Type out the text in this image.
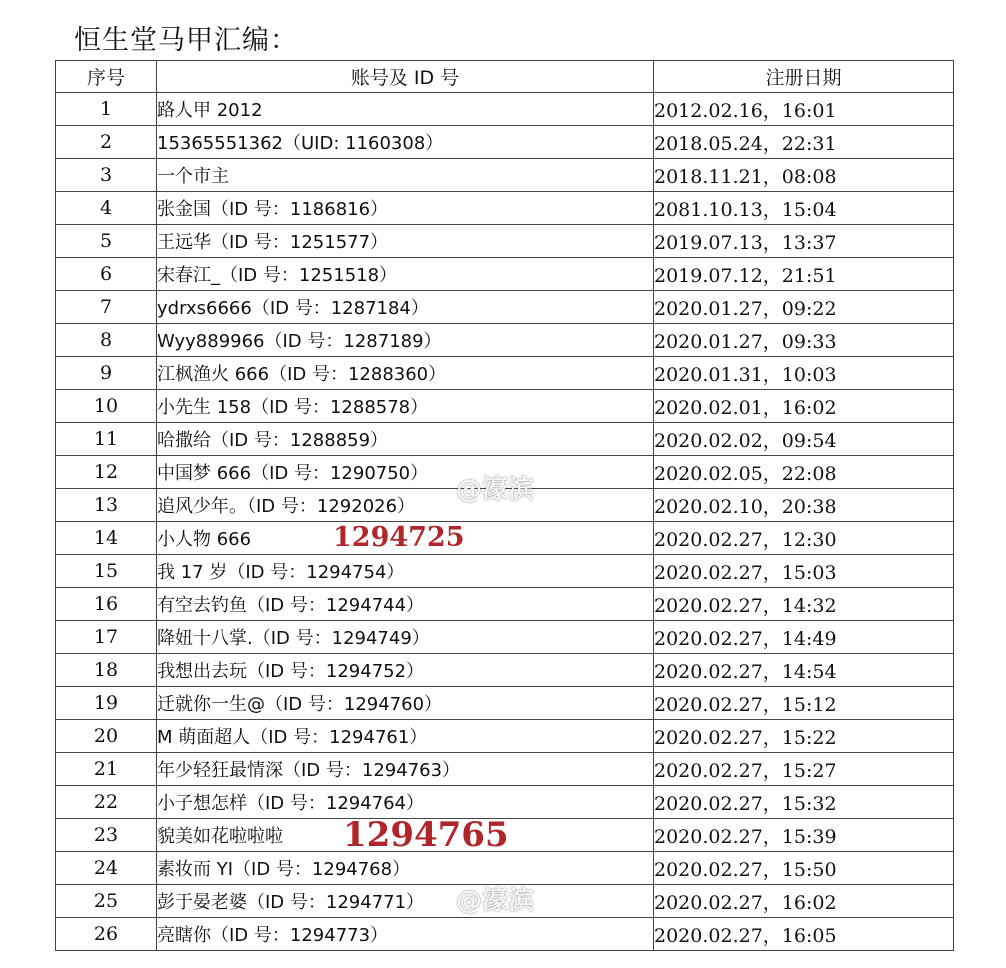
恒生堂马甲汇编：
序号	账号及 ID 号	注册日期
1	路人甲 2012	2012.02.16，16:01
2	15365551362（UID: 1160308）	2018.05.24，22:31
3	一个市主	2018.11.21，08:08
4	张金国（ID 号：1186816）	2081.10.13，15:04
5	王远华（ID 号：1251577）	2019.07.13，13:37
6	宋春江_（ID 号：1251518）	2019.07.12，21:51
7	ydrxs6666（ID 号：1287184）	2020.01.27，09:22
8	Wyy889966（ID 号：1287189）	2020.01.27，09:33
9	江枫渔火 666（ID 号：1288360）	2020.01.31，10:03
10	小先生 158（ID 号：1288578）	2020.02.01，16:02
11	哈撒给（ID 号：1288859）	2020.02.02，09:54
12	中国梦 666（ID 号：1290750）	2020.02.05，22:08
13	追风少年。（ID 号：1292026）	2020.02.10，20:38
14	小人物 666 1294725	2020.02.27，12:30
15	我 17 岁（ID 号：1294754）	2020.02.27，15:03
16	有空去钓鱼（ID 号：1294744）	2020.02.27，14:32
17	降妞十八掌.（ID 号：1294749）	2020.02.27，14:49
18	我想出去玩（ID 号：1294752）	2020.02.27，14:54
19	迁就你一生@（ID 号：1294760）	2020.02.27，15:12
20	M 萌面超人（ID 号：1294761）	2020.02.27，15:22
21	年少轻狂最情深（ID 号：1294763）	2020.02.27，15:27
22	小子想怎样（ID 号：1294764）	2020.02.27，15:32
23	貌美如花啦啦啦 1294765	2020.02.27，15:39
24	素妆而 YI（ID 号：1294768）	2020.02.27，15:50
25	彭于晏老婆（ID 号：1294771）	2020.02.27，16:02
26	亮瞎你（ID 号：1294773）	2020.02.27，16:05
@濠滨
@濠滨
